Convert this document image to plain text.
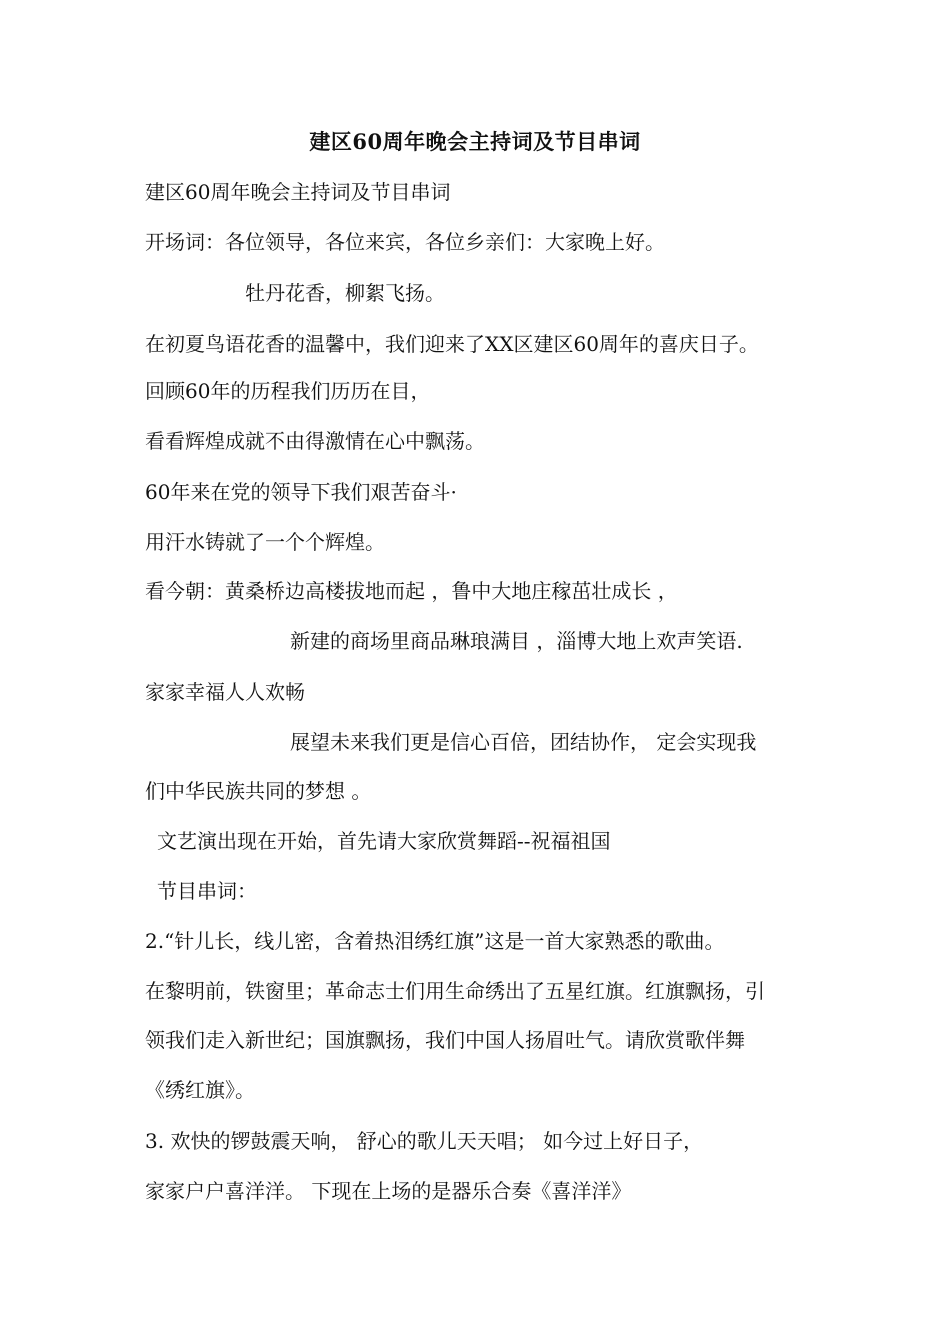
建区60周年晚会主持词及节目串词
建区60周年晚会主持词及节目串词
开场词：各位领导，各位来宾，各位乡亲们：大家晚上好。
牡丹花香，柳絮飞扬。
在初夏鸟语花香的温馨中，我们迎来了XX区建区60周年的喜庆日子。
回顾60年的历程我们历历在目，
看看辉煌成就不由得激情在心中飘荡。
60年来在党的领导下我们艰苦奋斗·
用汗水铸就了一个个辉煌。
看今朝：黄桑桥边高楼拔地而起 ，鲁中大地庄稼茁壮成长 ，
新建的商场里商品琳琅满目 ，淄博大地上欢声笑语.
家家幸福人人欢畅
展望未来我们更是信心百倍，团结协作， 定会实现我
们中华民族共同的梦想 。
文艺演出现在开始，首先请大家欣赏舞蹈--祝福祖国
节目串词：
2.“针儿长，线儿密，含着热泪绣红旗”这是一首大家熟悉的歌曲。
在黎明前，铁窗里；革命志士们用生命绣出了五星红旗。红旗飘扬，引
领我们走入新世纪；国旗飘扬，我们中国人扬眉吐气。请欣赏歌伴舞
《绣红旗》。
3. 欢快的锣鼓震天响， 舒心的歌儿天天唱； 如今过上好日子，
家家户户喜洋洋。 下现在上场的是器乐合奏《喜洋洋》
